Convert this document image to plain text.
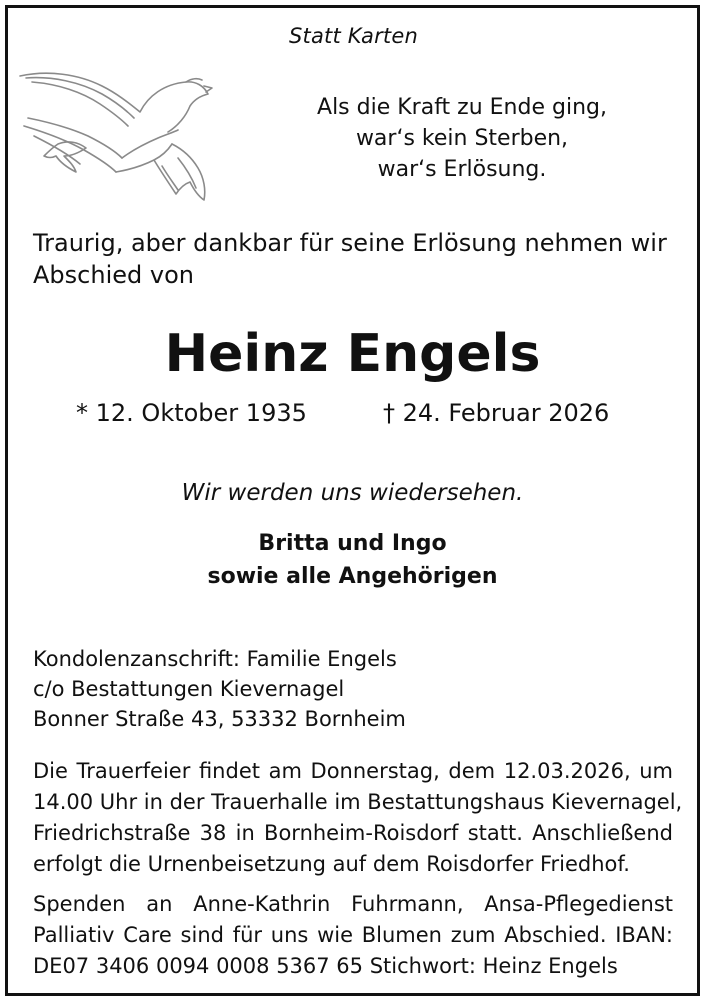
Statt Karten
Als die Kraft zu Ende ging,
war‘s kein Sterben,
war‘s Erlösung.
Traurig, aber dankbar für seine Erlösung nehmen wir
Abschied von
Heinz Engels
* 12. Oktober 1935	† 24. Februar 2026
Wir werden uns wiedersehen.
Britta und Ingo
sowie alle Angehörigen
Kondolenzanschrift: Familie Engels
c/o Bestattungen Kievernagel
Bonner Straße 43, 53332 Bornheim
Die Trauerfeier findet am Donnerstag, dem 12.03.2026, um
14.00 Uhr in der Trauerhalle im Bestattungshaus Kievernagel,
Friedrichstraße 38 in Bornheim-Roisdorf statt. Anschließend
erfolgt die Urnenbeisetzung auf dem Roisdorfer Friedhof.
Spenden an Anne-Kathrin Fuhrmann, Ansa-Pflegedienst
Palliativ Care sind für uns wie Blumen zum Abschied. IBAN:
DE07 3406 0094 0008 5367 65 Stichwort: Heinz Engels
